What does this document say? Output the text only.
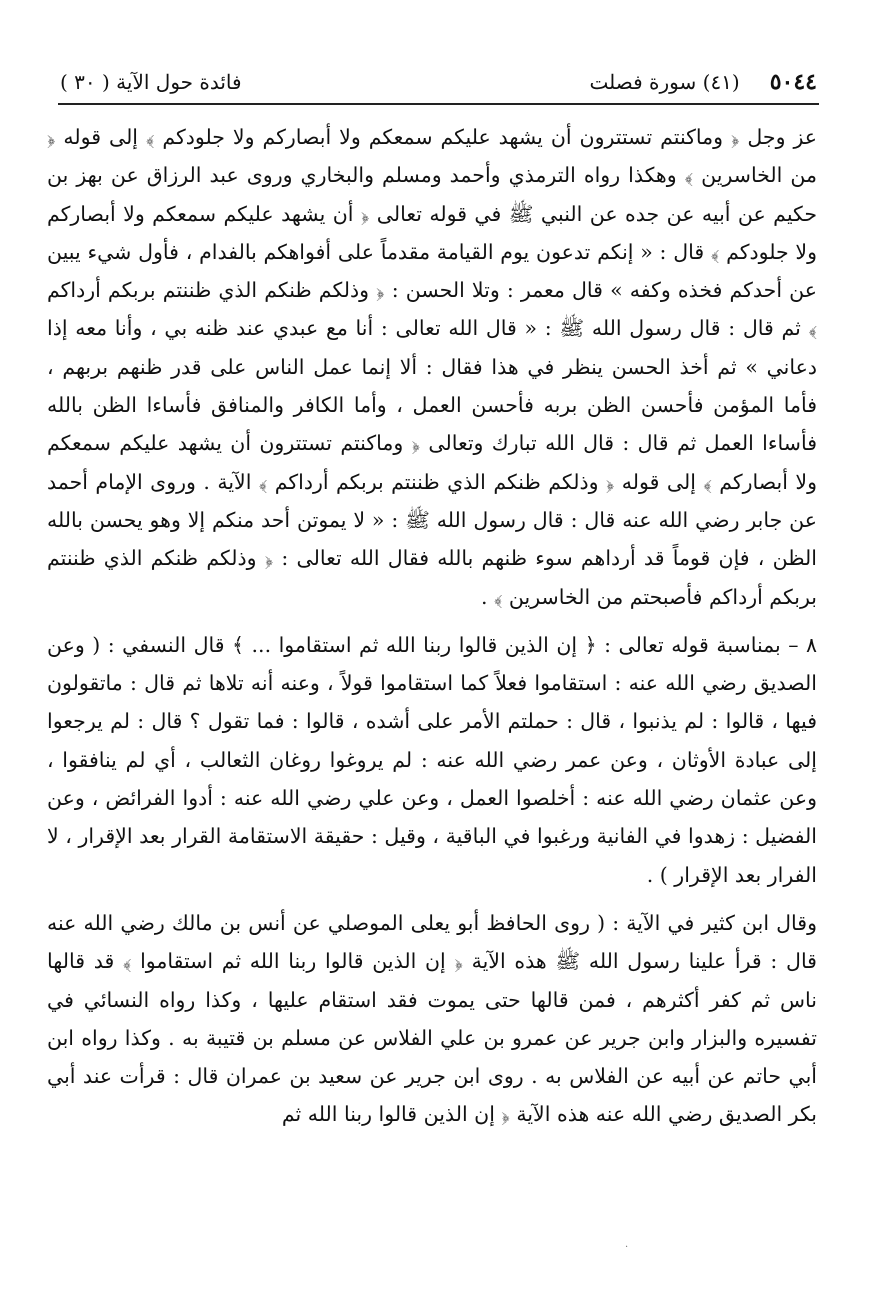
٥٠٤٤
(٤١) سورة فصلت
فائدة حول الآية ( ٣٠ )

عز وجل ﴿ وماكنتم تستترون أن يشهد عليكم سمعكم ولا أبصاركم ولا جلودكم ﴾ إلى قوله ﴿ من الخاسرين ﴾ وهكذا رواه الترمذي وأحمد ومسلم والبخاري وروى عبد الرزاق عن بهز بن حكيم عن أبيه عن جده عن النبي ﷺ في قوله تعالى ﴿ أن يشهد عليكم سمعكم ولا أبصاركم ولا جلودكم ﴾ قال : « إنكم تدعون يوم القيامة مقدماً على أفواهكم بالفدام ، فأول شيء يبين عن أحدكم فخذه وكفه » قال معمر : وتلا الحسن : ﴿ وذلكم ظنكم الذي ظننتم بربكم أرداكم ﴾ ثم قال : قال رسول الله ﷺ : « قال الله تعالى : أنا مع عبدي عند ظنه بي ، وأنا معه إذا دعاني » ثم أخذ الحسن ينظر في هذا فقال : ألا إنما عمل الناس على قدر ظنهم بربهم ، فأما المؤمن فأحسن الظن بربه فأحسن العمل ، وأما الكافر والمنافق فأساءا الظن بالله فأساءا العمل ثم قال : قال الله تبارك وتعالى ﴿ وماكنتم تستترون أن يشهد عليكم سمعكم ولا أبصاركم ﴾ إلى قوله ﴿ وذلكم ظنكم الذي ظننتم بربكم أرداكم ﴾ الآية . وروى الإمام أحمد عن جابر رضي الله عنه قال : قال رسول الله ﷺ : « لا يموتن أحد منكم إلا وهو يحسن بالله الظن ، فإن قوماً قد أرداهم سوء ظنهم بالله فقال الله تعالى : ﴿ وذلكم ظنكم الذي ظننتم بربكم أرداكم فأصبحتم من الخاسرين ﴾ .

٨ – بمناسبة قوله تعالى : ﴿ إن الذين قالوا ربنا الله ثم استقاموا ... ﴾ قال النسفي : ( وعن الصديق رضي الله عنه : استقاموا فعلاً كما استقاموا قولاً ، وعنه أنه تلاها ثم قال : ماتقولون فيها ، قالوا : لم يذنبوا ، قال : حملتم الأمر على أشده ، قالوا : فما تقول ؟ قال : لم يرجعوا إلى عبادة الأوثان ، وعن عمر رضي الله عنه : لم يروغوا روغان الثعالب ، أي لم ينافقوا ، وعن عثمان رضي الله عنه : أخلصوا العمل ، وعن علي رضي الله عنه : أدوا الفرائض ، وعن الفضيل : زهدوا في الفانية ورغبوا في الباقية ، وقيل : حقيقة الاستقامة القرار بعد الإقرار ، لا الفرار بعد الإقرار ) .

وقال ابن كثير في الآية : ( روى الحافظ أبو يعلى الموصلي عن أنس بن مالك رضي الله عنه قال : قرأ علينا رسول الله ﷺ هذه الآية ﴿ إن الذين قالوا ربنا الله ثم استقاموا ﴾ قد قالها ناس ثم كفر أكثرهم ، فمن قالها حتى يموت فقد استقام عليها ، وكذا رواه النسائي في تفسيره والبزار وابن جرير عن عمرو بن علي الفلاس عن مسلم بن قتيبة به . وكذا رواه ابن أبي حاتم عن أبيه عن الفلاس به . روى ابن جرير عن سعيد بن عمران قال : قرأت عند أبي بكر الصديق رضي الله عنه هذه الآية ﴿ إن الذين قالوا ربنا الله ثم

·
